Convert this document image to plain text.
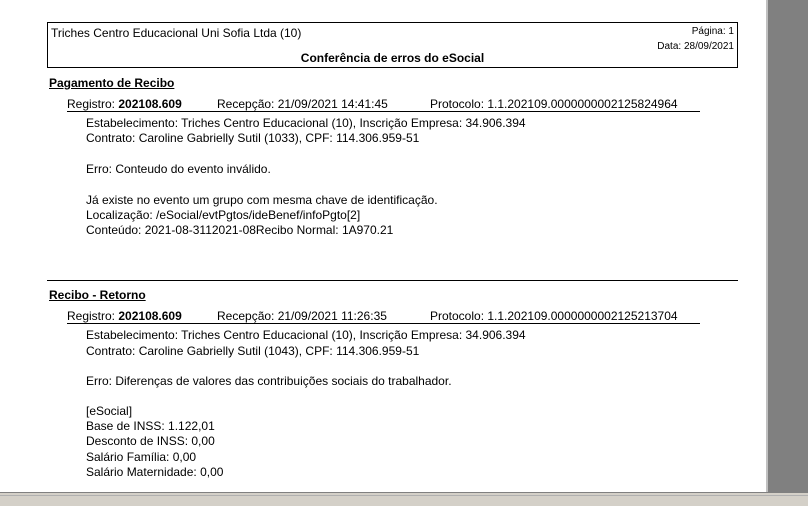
Triches Centro Educacional Uni Sofia Ltda (10)	Página: 1
Data: 28/09/2021
Conferência de erros do eSocial
Pagamento de Recibo
Registro: 202108.609	Recepção: 21/09/2021 14:41:45	Protocolo: 1.1.202109.0000000002125824964
Estabelecimento: Triches Centro Educacional (10), Inscrição Empresa: 34.906.394
Contrato: Caroline Gabrielly Sutil (1033), CPF: 114.306.959-51
Erro: Conteudo do evento inválido.
Já existe no evento um grupo com mesma chave de identificação.
Localização: /eSocial/evtPgtos/ideBenef/infoPgto[2]
Conteúdo: 2021-08-3112021-08Recibo Normal: 1A970.21
Recibo - Retorno
Registro: 202108.609	Recepção: 21/09/2021 11:26:35	Protocolo: 1.1.202109.0000000002125213704
Estabelecimento: Triches Centro Educacional (10), Inscrição Empresa: 34.906.394
Contrato: Caroline Gabrielly Sutil (1043), CPF: 114.306.959-51
Erro: Diferenças de valores das contribuições sociais do trabalhador.
[eSocial]
Base de INSS: 1.122,01
Desconto de INSS: 0,00
Salário Família: 0,00
Salário Maternidade: 0,00
